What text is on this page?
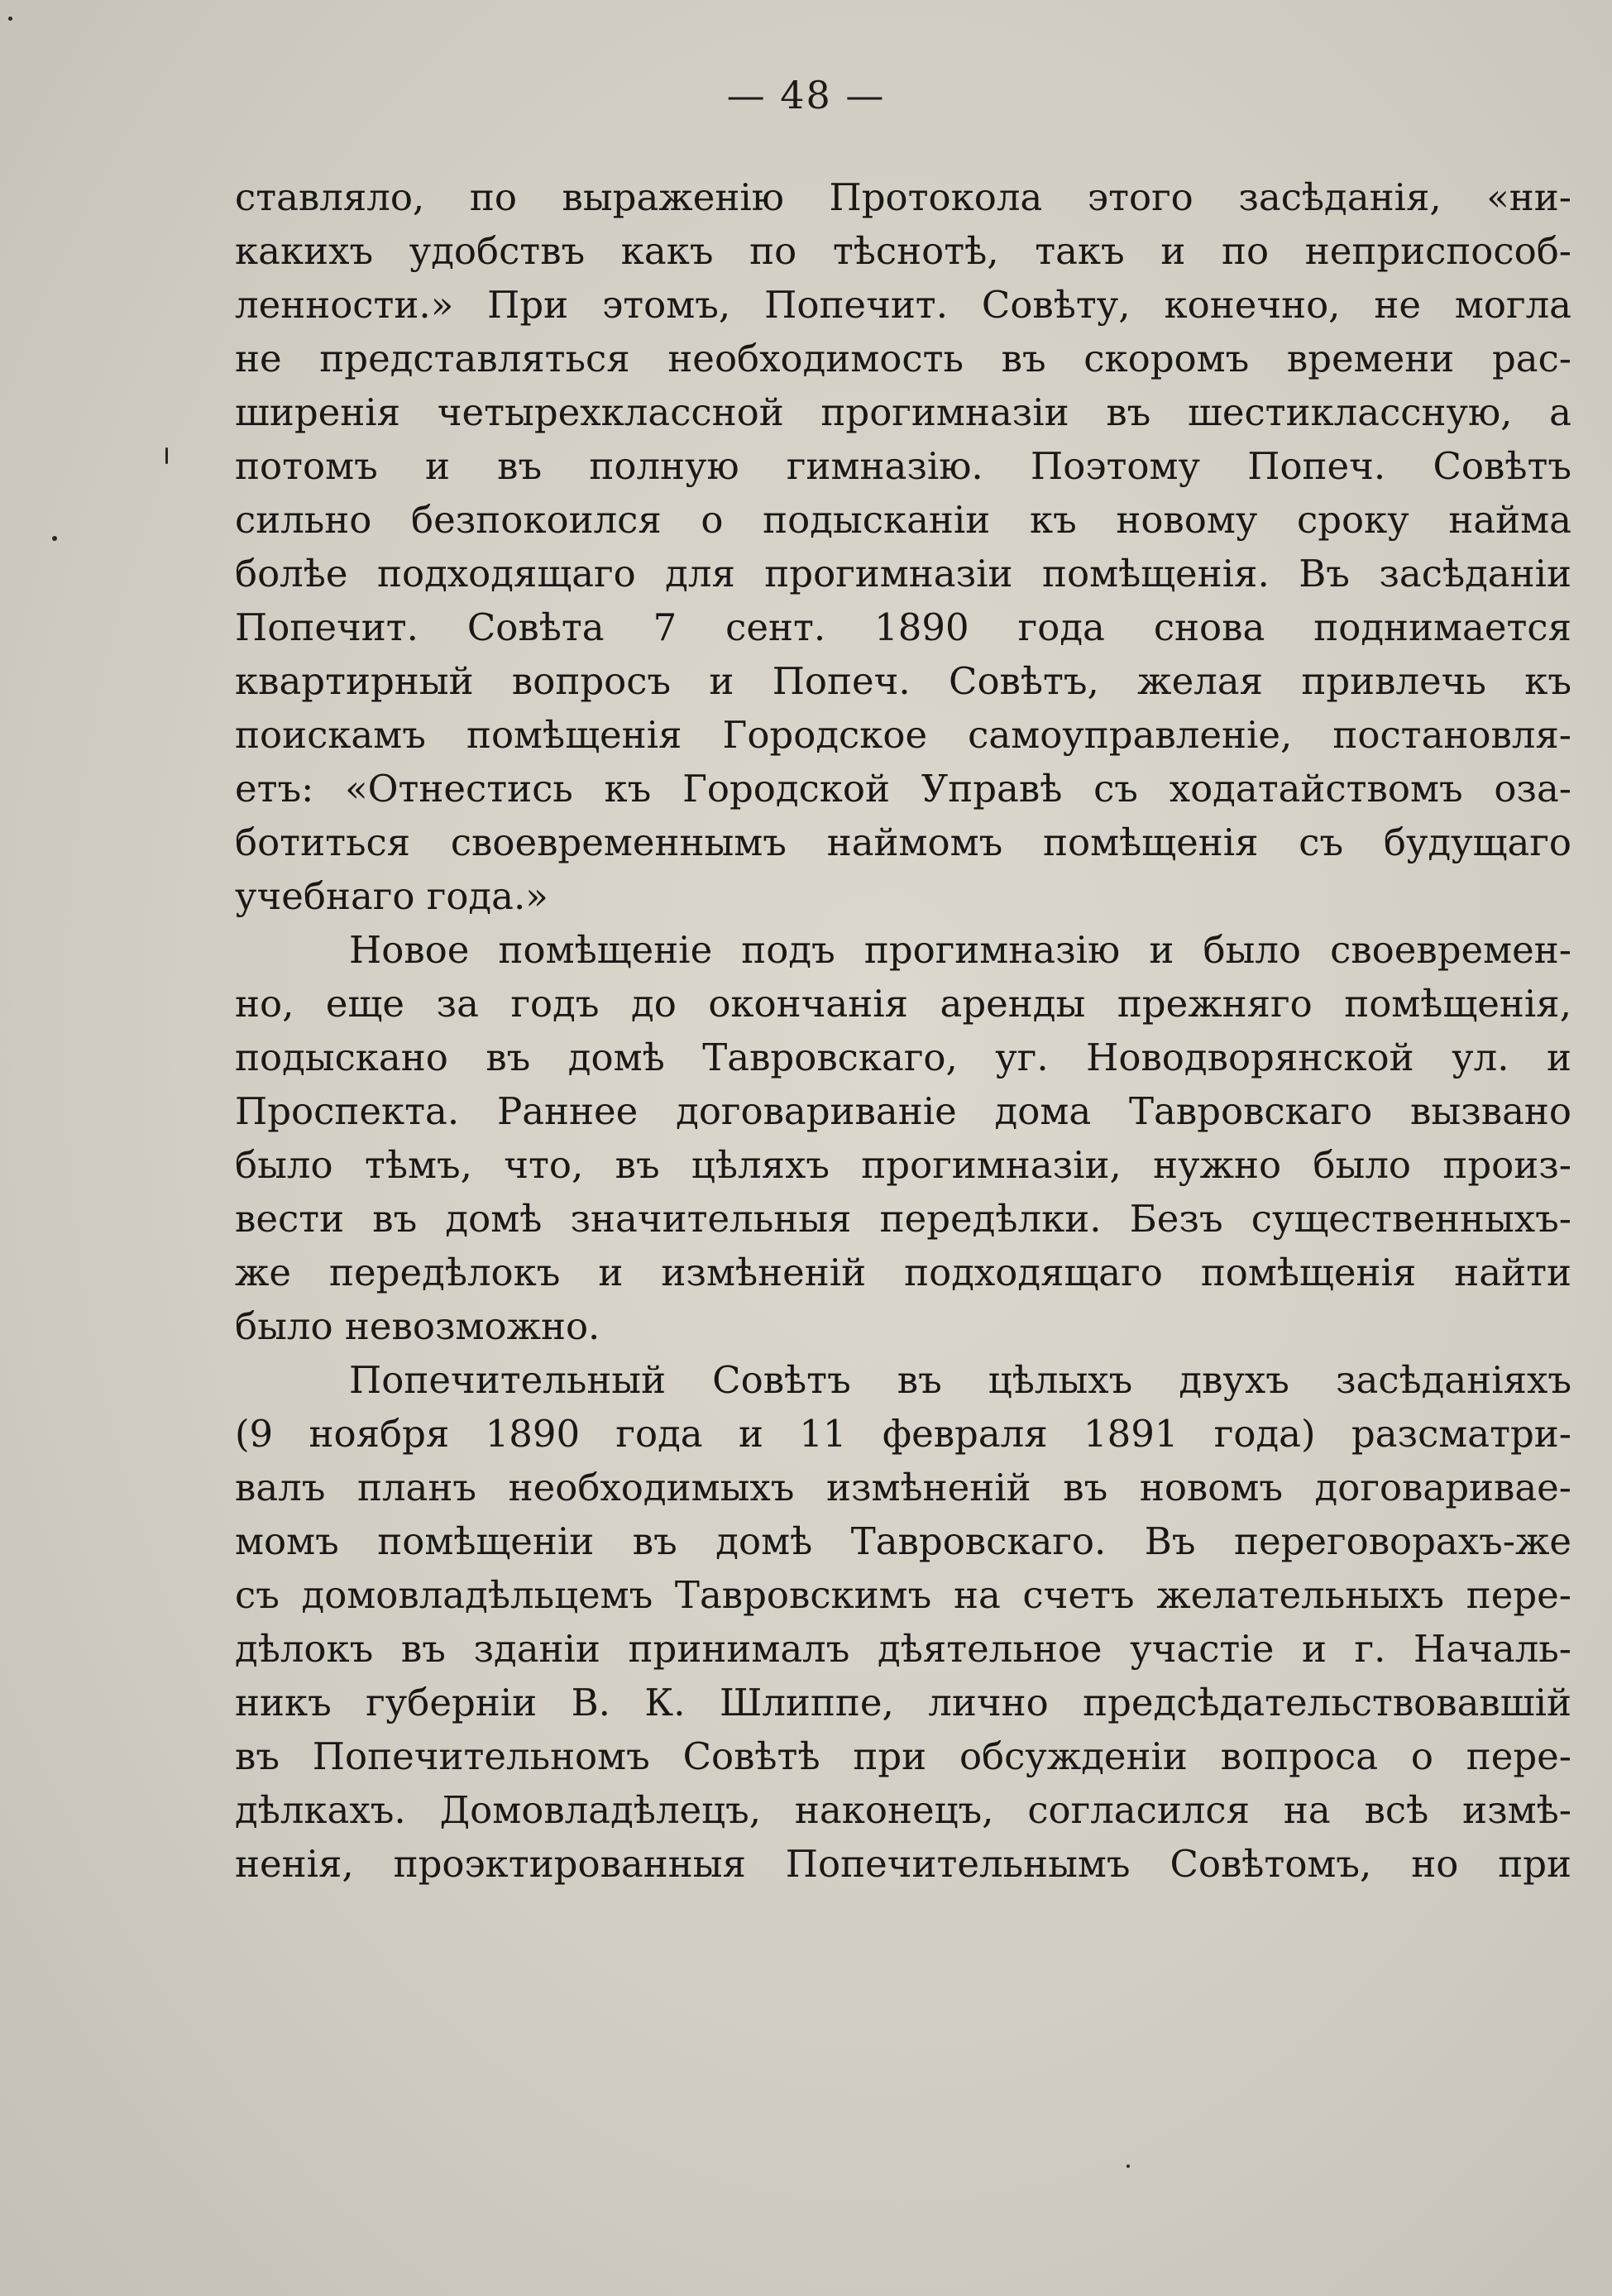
— 48 —
ставляло, по выраженію Протокола этого засѣданія, «ни-
какихъ удобствъ какъ по тѣснотѣ, такъ и по неприспособ-
ленности.» При этомъ, Попечит. Совѣту, конечно, не могла
не представляться необходимость въ скоромъ времени рас-
ширенія четырехклассной прогимназіи въ шестиклассную, а
потомъ и въ полную гимназію. Поэтому Попеч. Совѣтъ
сильно безпокоился о подысканіи къ новому сроку найма
болѣе подходящаго для прогимназіи помѣщенія. Въ засѣданіи
Попечит. Совѣта 7 сент. 1890 года снова поднимается
квартирный вопросъ и Попеч. Совѣтъ, желая привлечь къ
поискамъ помѣщенія Городское самоуправленіе, постановля-
етъ: «Отнестись къ Городской Управѣ съ ходатайствомъ оза-
ботиться своевременнымъ наймомъ помѣщенія съ будущаго
учебнаго года.»
Новое помѣщеніе подъ прогимназію и было своевремен-
но, еще за годъ до окончанія аренды прежняго помѣщенія,
подыскано въ домѣ Тавровскаго, уг. Новодворянской ул. и
Проспекта. Раннее договариваніе дома Тавровскаго вызвано
было тѣмъ, что, въ цѣляхъ прогимназіи, нужно было произ-
вести въ домѣ значительныя передѣлки. Безъ существенныхъ-
же передѣлокъ и измѣненій подходящаго помѣщенія найти
было невозможно.
Попечительный Совѣтъ въ цѣлыхъ двухъ засѣданіяхъ
(9 ноября 1890 года и 11 февраля 1891 года) разсматри-
валъ планъ необходимыхъ измѣненій въ новомъ договариваe-
момъ помѣщеніи въ домѣ Тавровскаго. Въ переговорахъ-же
съ домовладѣльцемъ Тавровскимъ на счетъ желательныхъ пере-
дѣлокъ въ зданіи принималъ дѣятельное участіе и г. Началь-
никъ губерніи В. К. Шлиппе, лично предсѣдательствовавшій
въ Попечительномъ Совѣтѣ при обсужденіи вопроса о пере-
дѣлкахъ. Домовладѣлецъ, наконецъ, согласился на всѣ измѣ-
ненія, проэктированныя Попечительнымъ Совѣтомъ, но при
